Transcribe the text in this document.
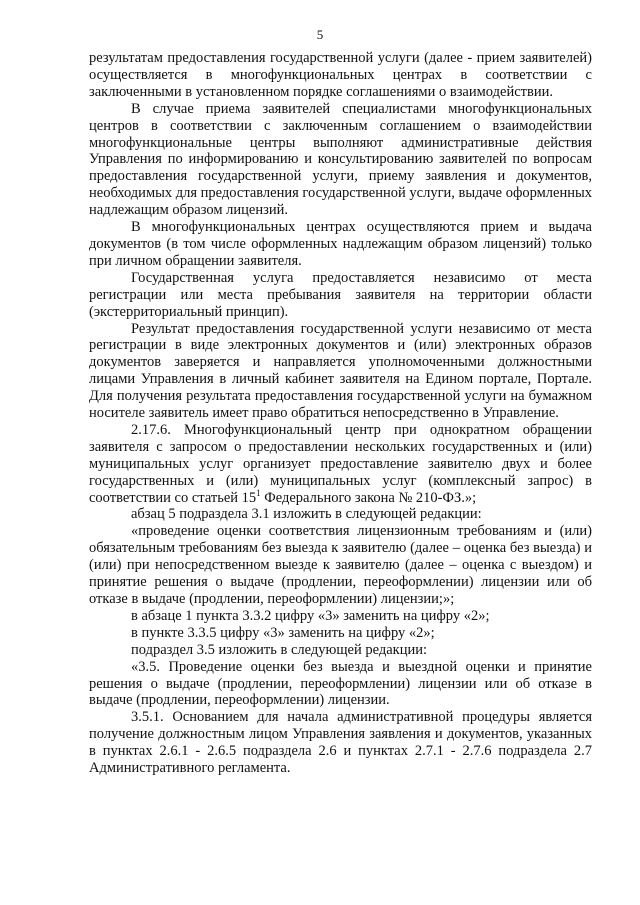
5

результатам предоставления государственной услуги (далее - прием заявителей) осуществляется в многофункциональных центрах в соответствии с заключенными в установленном порядке соглашениями о взаимодействии.

В случае приема заявителей специалистами многофункциональных центров в соответствии с заключенным соглашением о взаимодействии многофункциональные центры выполняют административные действия Управления по информированию и консультированию заявителей по вопросам предоставления государственной услуги, приему заявления и документов, необходимых для предоставления государственной услуги, выдаче оформленных надлежащим образом лицензий.

В многофункциональных центрах осуществляются прием и выдача документов (в том числе оформленных надлежащим образом лицензий) только при личном обращении заявителя.

Государственная услуга предоставляется независимо от места регистрации или места пребывания заявителя на территории области (экстерриториальный принцип).

Результат предоставления государственной услуги независимо от места регистрации в виде электронных документов и (или) электронных образов документов заверяется и направляется уполномоченными должностными лицами Управления в личный кабинет заявителя на Едином портале, Портале. Для получения результата предоставления государственной услуги на бумажном носителе заявитель имеет право обратиться непосредственно в Управление.

2.17.6. Многофункциональный центр при однократном обращении заявителя с запросом о предоставлении нескольких государственных и (или) муниципальных услуг организует предоставление заявителю двух и более государственных и (или) муниципальных услуг (комплексный запрос) в соответствии со статьей $15^1$ Федерального закона № 210-ФЗ.»;

абзац 5 подраздела 3.1 изложить в следующей редакции:

«проведение оценки соответствия лицензионным требованиям и (или) обязательным требованиям без выезда к заявителю (далее – оценка без выезда) и (или) при непосредственном выезде к заявителю (далее – оценка с выездом) и принятие решения о выдаче (продлении, переоформлении) лицензии или об отказе в выдаче (продлении, переоформлении) лицензии;»;

в абзаце 1 пункта 3.3.2 цифру «3» заменить на цифру «2»;

в пункте 3.3.5 цифру «3» заменить на цифру «2»;

подраздел 3.5 изложить в следующей редакции:

«3.5. Проведение оценки без выезда и выездной оценки и принятие решения о выдаче (продлении, переоформлении) лицензии или об отказе в выдаче (продлении, переоформлении) лицензии.

3.5.1. Основанием для начала административной процедуры является получение должностным лицом Управления заявления и документов, указанных в пунктах 2.6.1 - 2.6.5 подраздела 2.6 и пунктах 2.7.1 - 2.7.6 подраздела 2.7 Административного регламента.
